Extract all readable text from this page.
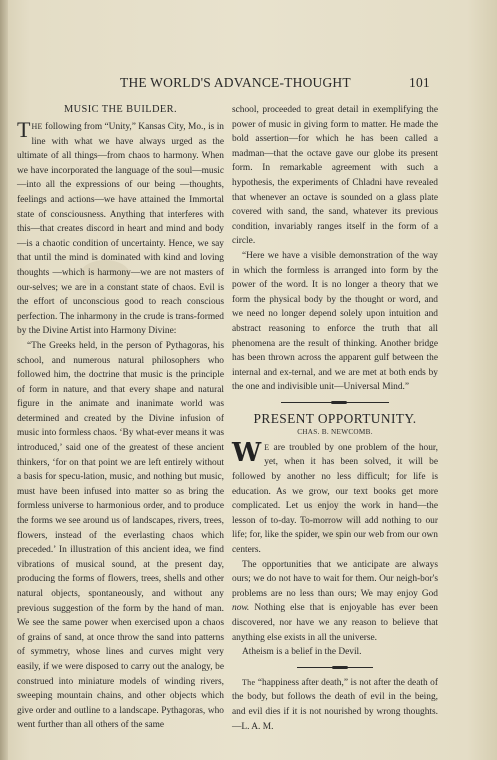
THE WORLD'S ADVANCE-THOUGHT	101
MUSIC THE BUILDER.

THE following from “Unity,” Kansas City, Mo., is in line with what we have always urged as the ultimate of all things—from chaos to harmony. When we have incorporated the language of the soul—music—into all the expressions of our being —thoughts, feelings and actions—we have attained the Immortal state of consciousness. Anything that interferes with this—that creates discord in heart and mind and body—is a chaotic condition of uncertainty. Hence, we say that until the mind is dominated with kind and loving thoughts —which is harmony—we are not masters of our-selves; we are in a constant state of chaos. Evil is the effort of unconscious good to reach conscious perfection. The inharmony in the crude is trans-formed by the Divine Artist into Harmony Divine:

“The Greeks held, in the person of Pythagoras, his school, and numerous natural philosophers who followed him, the doctrine that music is the principle of form in nature, and that every shape and natural figure in the animate and inanimate world was determined and created by the Divine infusion of music into formless chaos. ‘By what-ever means it was introduced,’ said one of the greatest of these ancient thinkers, ‘for on that point we are left entirely without a basis for specu-lation, music, and nothing but music, must have been infused into matter so as bring the formless universe to harmonious order, and to produce the forms we see around us of landscapes, rivers, trees, flowers, instead of the everlasting chaos which preceded.’ In illustration of this ancient idea, we find vibrations of musical sound, at the present day, producing the forms of flowers, trees, shells and other natural objects, spontaneously, and without any previous suggestion of the form by the hand of man. We see the same power when exercised upon a chaos of grains of sand, at once throw the sand into patterns of symmetry, whose lines and curves might very easily, if we were disposed to carry out the analogy, be construed into miniature models of winding rivers, sweeping mountain chains, and other objects which give order and outline to a landscape. Pythagoras, who went further than all others of the same

school, proceeded to great detail in exemplifying the power of music in giving form to matter. He made the bold assertion—for which he has been called a madman—that the octave gave our globe its present form. In remarkable agreement with such a hypothesis, the experiments of Chladni have revealed that whenever an octave is sounded on a glass plate covered with sand, the sand, whatever its previous condition, invariably ranges itself in the form of a circle.

“Here we have a visible demonstration of the way in which the formless is arranged into form by the power of the word. It is no longer a theory that we form the physical body by the thought or word, and we need no longer depend solely upon intuition and abstract reasoning to enforce the truth that all phenomena are the result of thinking. Another bridge has been thrown across the apparent gulf between the internal and ex-ternal, and we are met at both ends by the one and indivisible unit—Universal Mind.”

PRESENT OPPORTUNITY.
CHAS. B. NEWCOMB.

W E are troubled by one problem of the hour, yet, when it has been solved, it will be followed by another no less difficult; for life is education. As we grow, our text books get more complicated. Let us enjoy the work in hand—the lesson of to-day. To-morrow will add nothing to our life; for, like the spider, we spin our web from our own centers.

The opportunities that we anticipate are always ours; we do not have to wait for them. Our neigh-bor's problems are no less than ours; We may enjoy God now. Nothing else that is enjoyable has ever been discovered, nor have we any reason to believe that anything else exists in all the universe.

Atheism is a belief in the Devil.

The “happiness after death,” is not after the death of the body, but follows the death of evil in the being, and evil dies if it is not nourished by wrong thoughts.—L. A. M.
